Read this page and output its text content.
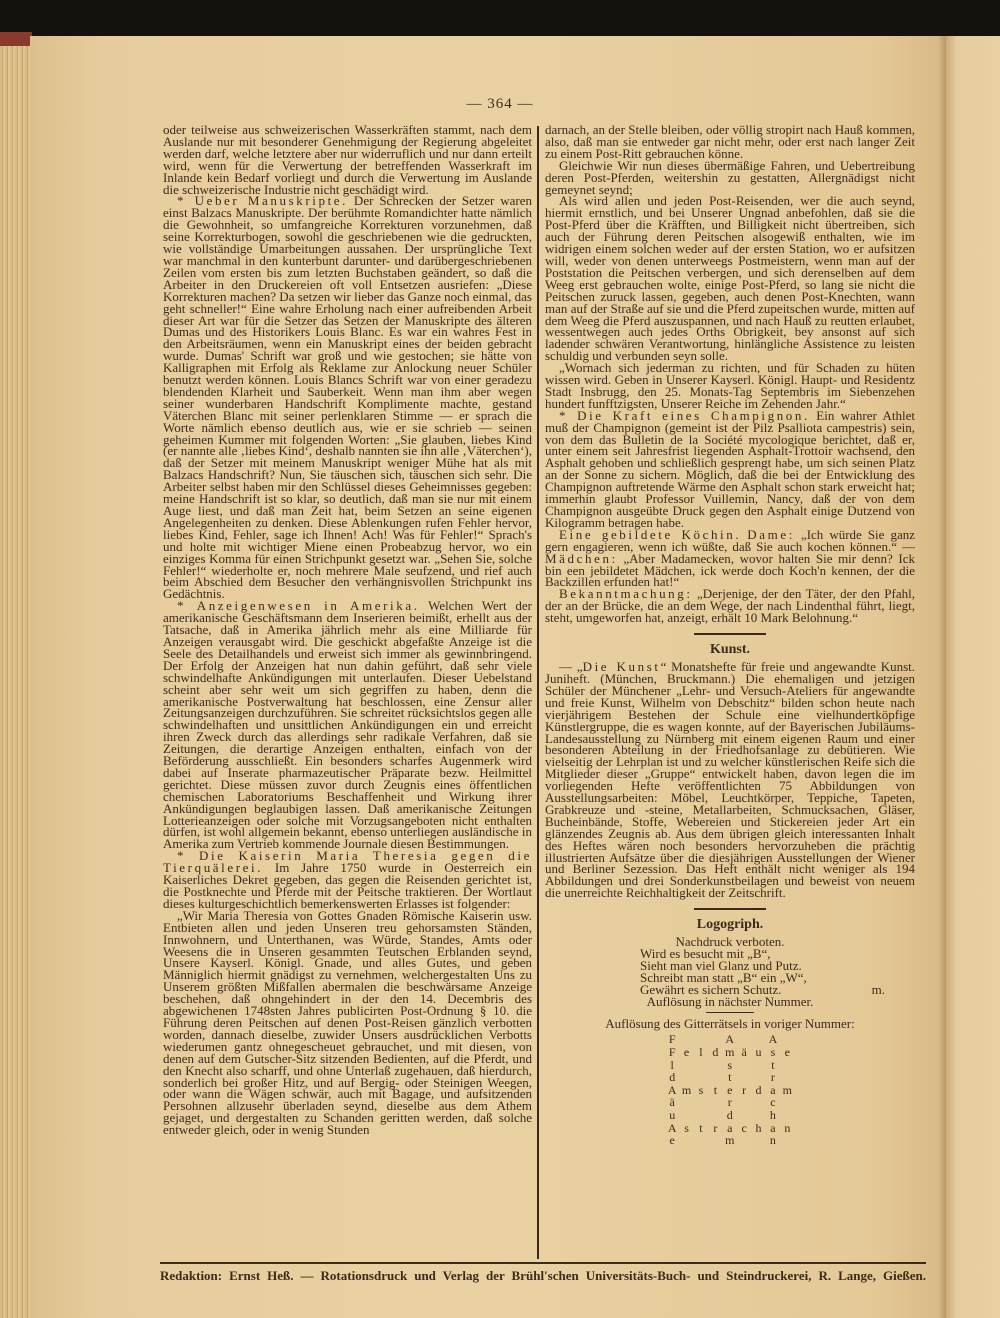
— 364 —

oder teilweise aus schweizerischen Wasserkräften stammt, nach dem Auslande nur mit besonderer Genehmigung der Regierung abgeleitet werden darf, welche letztere aber nur widerruflich und nur dann erteilt wird, wenn für die Verwertung der betreffenden Wasserkraft im Inlande kein Bedarf vorliegt und durch die Verwertung im Auslande die schweizerische Industrie nicht geschädigt wird.

* Ueber Manuskripte. Der Schrecken der Setzer waren einst Balzacs Manuskripte. Der berühmte Romandichter hatte nämlich die Gewohnheit, so umfangreiche Korrekturen vorzunehmen, daß seine Korrekturbogen, sowohl die geschriebenen wie die gedruckten, wie vollständige Umarbeitungen aussahen. Der ursprüngliche Text war manchmal in den kunterbunt darunter- und darübergeschriebenen Zeilen vom ersten bis zum letzten Buchstaben geändert, so daß die Arbeiter in den Druckereien oft voll Entsetzen ausriefen: „Diese Korrekturen machen? Da setzen wir lieber das Ganze noch einmal, das geht schneller!“ Eine wahre Erholung nach einer aufreibenden Arbeit dieser Art war für die Setzer das Setzen der Manuskripte des älteren Dumas und des Historikers Louis Blanc. Es war ein wahres Fest in den Arbeitsräumen, wenn ein Manuskript eines der beiden gebracht wurde. Dumas' Schrift war groß und wie gestochen; sie hätte von Kalligraphen mit Erfolg als Reklame zur Anlockung neuer Schüler benutzt werden können. Louis Blancs Schrift war von einer geradezu blendenden Klarheit und Sauberkeit. Wenn man ihm aber wegen seiner wunderbaren Handschrift Komplimente machte, gestand Väterchen Blanc mit seiner perlenklaren Stimme — er sprach die Worte nämlich ebenso deutlich aus, wie er sie schrieb — seinen geheimen Kummer mit folgenden Worten: „Sie glauben, liebes Kind (er nannte alle ‚liebes Kind‘, deshalb nannten sie ihn alle ‚Väterchen‘), daß der Setzer mit meinem Manuskript weniger Mühe hat als mit Balzacs Handschrift? Nun, Sie täuschen sich, täuschen sich sehr. Die Arbeiter selbst haben mir den Schlüssel dieses Geheimnisses gegeben: meine Handschrift ist so klar, so deutlich, daß man sie nur mit einem Auge liest, und daß man Zeit hat, beim Setzen an seine eigenen Angelegenheiten zu denken. Diese Ablenkungen rufen Fehler hervor, liebes Kind, Fehler, sage ich Ihnen! Ach! Was für Fehler!“ Sprach's und holte mit wichtiger Miene einen Probeabzug hervor, wo ein einziges Komma für einen Strichpunkt gesetzt war. „Sehen Sie, solche Fehler!“ wiederholte er, noch mehrere Male seufzend, und rief auch beim Abschied dem Besucher den verhängnisvollen Strichpunkt ins Gedächtnis.

* Anzeigenwesen in Amerika. Welchen Wert der amerikanische Geschäftsmann dem Inserieren beimißt, erhellt aus der Tatsache, daß in Amerika jährlich mehr als eine Milliarde für Anzeigen verausgabt wird. Die geschickt abgefaßte Anzeige ist die Seele des Detailhandels und erweist sich immer als gewinnbringend. Der Erfolg der Anzeigen hat nun dahin geführt, daß sehr viele schwindelhafte Ankündigungen mit unterlaufen. Dieser Uebelstand scheint aber sehr weit um sich gegriffen zu haben, denn die amerikanische Postverwaltung hat beschlossen, eine Zensur aller Zeitungsanzeigen durchzuführen. Sie schreitet rücksichtslos gegen alle schwindelhaften und unsittlichen Ankündigungen ein und erreicht ihren Zweck durch das allerdings sehr radikale Verfahren, daß sie Zeitungen, die derartige Anzeigen enthalten, einfach von der Beförderung ausschließt. Ein besonders scharfes Augenmerk wird dabei auf Inserate pharmazeutischer Präparate bezw. Heilmittel gerichtet. Diese müssen zuvor durch Zeugnis eines öffentlichen chemischen Laboratoriums Beschaffenheit und Wirkung ihrer Ankündigungen beglaubigen lassen. Daß amerikanische Zeitungen Lotterieanzeigen oder solche mit Vorzugsangeboten nicht enthalten dürfen, ist wohl allgemein bekannt, ebenso unterliegen ausländische in Amerika zum Vertrieb kommende Journale diesen Bestimmungen.

* Die Kaiserin Maria Theresia gegen die Tierquälerei. Im Jahre 1750 wurde in Oesterreich ein Kaiserliches Dekret gegeben, das gegen die Reisenden gerichtet ist, die Postknechte und Pferde mit der Peitsche traktieren. Der Wortlaut dieses kulturgeschichtlich bemerkenswerten Erlasses ist folgender:

„Wir Maria Theresia von Gottes Gnaden Römische Kaiserin usw. Entbieten allen und jeden Unseren treu gehorsamsten Ständen, Innwohnern, und Unterthanen, was Würde, Standes, Amts oder Weesens die in Unseren gesammten Teutschen Erblanden seynd, Unsere Kayserl. Königl. Gnade, und alles Gutes, und geben Männiglich hiermit gnädigst zu vernehmen, welchergestalten Uns zu Unserem größten Mißfallen abermalen die beschwärsame Anzeige beschehen, daß ohngehindert in der den 14. Decembris des abgewichenen 1748sten Jahres publicirten Post-Ordnung § 10. die Führung deren Peitschen auf denen Post-Reisen gänzlich verbotten worden, dannach dieselbe, zuwider Unsers ausdrücklichen Verbotts wiederumen gantz ohnegescheuet gebrauchet, und mit diesen, von denen auf dem Gutscher-Sitz sitzenden Bedienten, auf die Pferdt, und den Knecht also scharff, und ohne Unterlaß zugehauen, daß hierdurch, sonderlich bei großer Hitz, und auf Bergig- oder Steinigen Weegen, oder wann die Wägen schwär, auch mit Bagage, und aufsitzenden Persohnen allzusehr überladen seynd, dieselbe aus dem Athem gejaget, und dergestalten zu Schanden geritten werden, daß solche entweder gleich, oder in wenig Stunden

darnach, an der Stelle bleiben, oder völlig stropirt nach Hauß kommen, also, daß man sie entweder gar nicht mehr, oder erst nach langer Zeit zu einem Post-Ritt gebrauchen könne.

Gleichwie Wir nun dieses übermäßige Fahren, und Uebertreibung deren Post-Pferden, weitershin zu gestatten, Allergnädigst nicht gemeynet seynd;

Als wird allen und jeden Post-Reisenden, wer die auch seynd, hiermit ernstlich, und bei Unserer Ungnad anbefohlen, daß sie die Post-Pferd über die Kräfften, und Billigkeit nicht übertreiben, sich auch der Führung deren Peitschen alsogewiß enthalten, wie im widrigen einem solchen weder auf der ersten Station, wo er aufsitzen will, weder von denen unterweegs Postmeistern, wenn man auf der Poststation die Peitschen verbergen, und sich derenselben auf dem Weeg erst gebrauchen wolte, einige Post-Pferd, so lang sie nicht die Peitschen zuruck lassen, gegeben, auch denen Post-Knechten, wann man auf der Straße auf sie und die Pferd zupeitschen wurde, mitten auf dem Weeg die Pferd auszuspannen, und nach Hauß zu reutten erlaubet, wessentwegen auch jedes Orths Obrigkeit, bey ansonst auf sich ladender schwären Verantwortung, hinlängliche Assistence zu leisten schuldig und verbunden seyn solle.

„Wornach sich jederman zu richten, und für Schaden zu hüten wissen wird. Geben in Unserer Kayserl. Königl. Haupt- und Residentz Stadt Insbrugg, den 25. Monats-Tag Septembris im Siebenzehen hundert funfftzigsten, Unserer Reiche im Zehenden Jahr.“

* Die Kraft eines Champignon. Ein wahrer Athlet muß der Champignon (gemeint ist der Pilz Psalliota campestris) sein, von dem das Bulletin de la Société mycologique berichtet, daß er, unter einem seit Jahresfrist liegenden Asphalt-Trottoir wachsend, den Asphalt gehoben und schließlich gesprengt habe, um sich seinen Platz an der Sonne zu sichern. Möglich, daß die bei der Entwicklung des Champignon auftretende Wärme den Asphalt schon stark erweicht hat; immerhin glaubt Professor Vuillemin, Nancy, daß der von dem Champignon ausgeübte Druck gegen den Asphalt einige Dutzend von Kilogramm betragen habe.

Eine gebildete Köchin. Dame: „Ich würde Sie ganz gern engagieren, wenn ich wüßte, daß Sie auch kochen können.“ — Mädchen: „Aber Madamecken, wovor halten Sie mir denn? Ick bin een jebildetet Mädchen, ick werde doch Koch'n kennen, der die Backzillen erfunden hat!“

Bekanntmachung: „Derjenige, der den Täter, der den Pfahl, der an der Brücke, die an dem Wege, der nach Lindenthal führt, liegt, steht, umgeworfen hat, anzeigt, erhält 10 Mark Belohnung.“

Kunst.

— „Die Kunst“ Monatshefte für freie und angewandte Kunst. Juniheft. (München, Bruckmann.) Die ehemaligen und jetzigen Schüler der Münchener „Lehr- und Versuch-Ateliers für angewandte und freie Kunst, Wilhelm von Debschitz“ bilden schon heute nach vierjährigem Bestehen der Schule eine vielhundertköpfige Künstlergruppe, die es wagen konnte, auf der Bayerischen Jubiläums-Landesausstellung zu Nürnberg mit einem eigenen Raum und einer besonderen Abteilung in der Friedhofsanlage zu debütieren. Wie vielseitig der Lehrplan ist und zu welcher künstlerischen Reife sich die Mitglieder dieser „Gruppe“ entwickelt haben, davon legen die im vorliegenden Hefte veröffentlichten 75 Abbildungen von Ausstellungsarbeiten: Möbel, Leuchtkörper, Teppiche, Tapeten, Grabkreuze und -steine, Metallarbeiten, Schmucksachen, Gläser, Bucheinbände, Stoffe, Webereien und Stickereien jeder Art ein glänzendes Zeugnis ab. Aus dem übrigen gleich interessanten Inhalt des Heftes wären noch besonders hervorzuheben die prächtig illustrierten Aufsätze über die diesjährigen Ausstellungen der Wiener und Berliner Sezession. Das Heft enthält nicht weniger als 194 Abbildungen und drei Sonderkunstbeilagen und beweist von neuem die unerreichte Reichhaltigkeit der Zeitschrift.

Logogriph.
Nachdruck verboten.
Wird es besucht mit „B“,
Sieht man viel Glanz und Putz.
Schreibt man statt „B“ ein „W“,
Gewährt es sichern Schutz.	m.
Auflösung in nächster Nummer.
Auflösung des Gitterrätsels in voriger Nummer:
F	A	A
F e l d m ä u s e
l	s	t
d	t	r
A m s t e r d a m
ä	r	c
u	d	h
A s t r a c h a n
e	m	n
Redaktion: Ernst Heß. — Rotationsdruck und Verlag der Brühl'schen Universitäts-Buch- und Steindruckerei, R. Lange, Gießen.
